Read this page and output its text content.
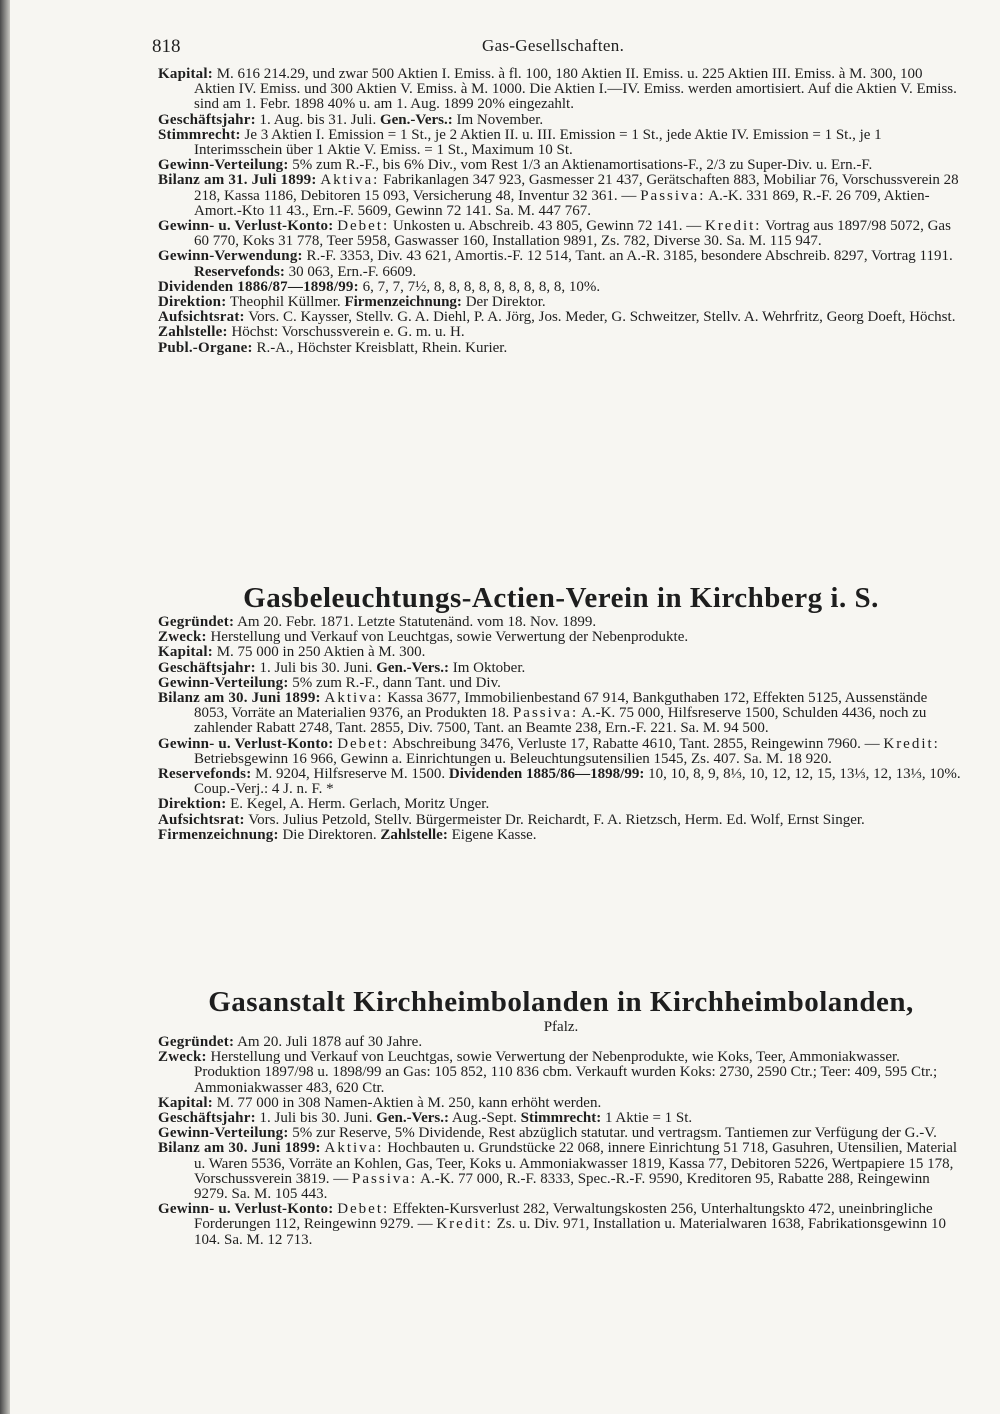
818	Gas-Gesellschaften.

Kapital: M. 616 214.29, und zwar 500 Aktien I. Emiss. à fl. 100, 180 Aktien II. Emiss. u. 225 Aktien III. Emiss. à M. 300, 100 Aktien IV. Emiss. und 300 Aktien V. Emiss. à M. 1000. Die Aktien I.—IV. Emiss. werden amortisiert. Auf die Aktien V. Emiss. sind am 1. Febr. 1898 40% u. am 1. Aug. 1899 20% eingezahlt.

Geschäftsjahr: 1. Aug. bis 31. Juli. Gen.-Vers.: Im November.

Stimmrecht: Je 3 Aktien I. Emission = 1 St., je 2 Aktien II. u. III. Emission = 1 St., jede Aktie IV. Emission = 1 St., je 1 Interimsschein über 1 Aktie V. Emiss. = 1 St., Maximum 10 St.

Gewinn-Verteilung: 5% zum R.-F., bis 6% Div., vom Rest 1/3 an Aktienamortisations-F., 2/3 zu Super-Div. u. Ern.-F.

Bilanz am 31. Juli 1899: Aktiva: Fabrikanlagen 347 923, Gasmesser 21 437, Gerätschaften 883, Mobiliar 76, Vorschussverein 28 218, Kassa 1186, Debitoren 15 093, Versicherung 48, Inventur 32 361. — Passiva: A.-K. 331 869, R.-F. 26 709, Aktien-Amort.-Kto 11 43., Ern.-F. 5609, Gewinn 72 141. Sa. M. 447 767.

Gewinn- u. Verlust-Konto: Debet: Unkosten u. Abschreib. 43 805, Gewinn 72 141. — Kredit: Vortrag aus 1897/98 5072, Gas 60 770, Koks 31 778, Teer 5958, Gaswasser 160, Installation 9891, Zs. 782, Diverse 30. Sa. M. 115 947.

Gewinn-Verwendung: R.-F. 3353, Div. 43 621, Amortis.-F. 12 514, Tant. an A.-R. 3185, besondere Abschreib. 8297, Vortrag 1191. Reservefonds: 30 063, Ern.-F. 6609.

Dividenden 1886/87—1898/99: 6, 7, 7, 7½, 8, 8, 8, 8, 8, 8, 8, 8, 8, 10%.

Direktion: Theophil Küllmer. Firmenzeichnung: Der Direktor.

Aufsichtsrat: Vors. C. Kaysser, Stellv. G. A. Diehl, P. A. Jörg, Jos. Meder, G. Schweitzer, Stellv. A. Wehrfritz, Georg Doeft, Höchst.

Zahlstelle: Höchst: Vorschussverein e. G. m. u. H.

Publ.-Organe: R.-A., Höchster Kreisblatt, Rhein. Kurier.

Gasbeleuchtungs-Actien-Verein in Kirchberg i. S.

Gegründet: Am 20. Febr. 1871. Letzte Statutenänd. vom 18. Nov. 1899.

Zweck: Herstellung und Verkauf von Leuchtgas, sowie Verwertung der Nebenprodukte.

Kapital: M. 75 000 in 250 Aktien à M. 300.

Geschäftsjahr: 1. Juli bis 30. Juni. Gen.-Vers.: Im Oktober.

Gewinn-Verteilung: 5% zum R.-F., dann Tant. und Div.

Bilanz am 30. Juni 1899: Aktiva: Kassa 3677, Immobilienbestand 67 914, Bankguthaben 172, Effekten 5125, Aussenstände 8053, Vorräte an Materialien 9376, an Produkten 18. Passiva: A.-K. 75 000, Hilfsreserve 1500, Schulden 4436, noch zu zahlender Rabatt 2748, Tant. 2855, Div. 7500, Tant. an Beamte 238, Ern.-F. 221. Sa. M. 94 500.

Gewinn- u. Verlust-Konto: Debet: Abschreibung 3476, Verluste 17, Rabatte 4610, Tant. 2855, Reingewinn 7960. — Kredit: Betriebsgewinn 16 966, Gewinn a. Einrichtungen u. Beleuchtungsutensilien 1545, Zs. 407. Sa. M. 18 920.

Reservefonds: M. 9204, Hilfsreserve M. 1500. Dividenden 1885/86—1898/99: 10, 10, 8, 9, 8⅓, 10, 12, 12, 15, 13⅓, 12, 13⅓, 10%. Coup.-Verj.: 4 J. n. F. *

Direktion: E. Kegel, A. Herm. Gerlach, Moritz Unger.

Aufsichtsrat: Vors. Julius Petzold, Stellv. Bürgermeister Dr. Reichardt, F. A. Rietzsch, Herm. Ed. Wolf, Ernst Singer.

Firmenzeichnung: Die Direktoren. Zahlstelle: Eigene Kasse.

Gasanstalt Kirchheimbolanden in Kirchheimbolanden,

Pfalz.

Gegründet: Am 20. Juli 1878 auf 30 Jahre.

Zweck: Herstellung und Verkauf von Leuchtgas, sowie Verwertung der Nebenprodukte, wie Koks, Teer, Ammoniakwasser. Produktion 1897/98 u. 1898/99 an Gas: 105 852, 110 836 cbm. Verkauft wurden Koks: 2730, 2590 Ctr.; Teer: 409, 595 Ctr.; Ammoniakwasser 483, 620 Ctr.

Kapital: M. 77 000 in 308 Namen-Aktien à M. 250, kann erhöht werden.

Geschäftsjahr: 1. Juli bis 30. Juni. Gen.-Vers.: Aug.-Sept. Stimmrecht: 1 Aktie = 1 St.

Gewinn-Verteilung: 5% zur Reserve, 5% Dividende, Rest abzüglich statutar. und vertragsm. Tantiemen zur Verfügung der G.-V.

Bilanz am 30. Juni 1899: Aktiva: Hochbauten u. Grundstücke 22 068, innere Einrichtung 51 718, Gasuhren, Utensilien, Material u. Waren 5536, Vorräte an Kohlen, Gas, Teer, Koks u. Ammoniakwasser 1819, Kassa 77, Debitoren 5226, Wertpapiere 15 178, Vorschussverein 3819. — Passiva: A.-K. 77 000, R.-F. 8333, Spec.-R.-F. 9590, Kreditoren 95, Rabatte 288, Reingewinn 9279. Sa. M. 105 443.

Gewinn- u. Verlust-Konto: Debet: Effekten-Kursverlust 282, Verwaltungskosten 256, Unterhaltungskto 472, uneinbringliche Forderungen 112, Reingewinn 9279. — Kredit: Zs. u. Div. 971, Installation u. Materialwaren 1638, Fabrikationsgewinn 10 104. Sa. M. 12 713.
